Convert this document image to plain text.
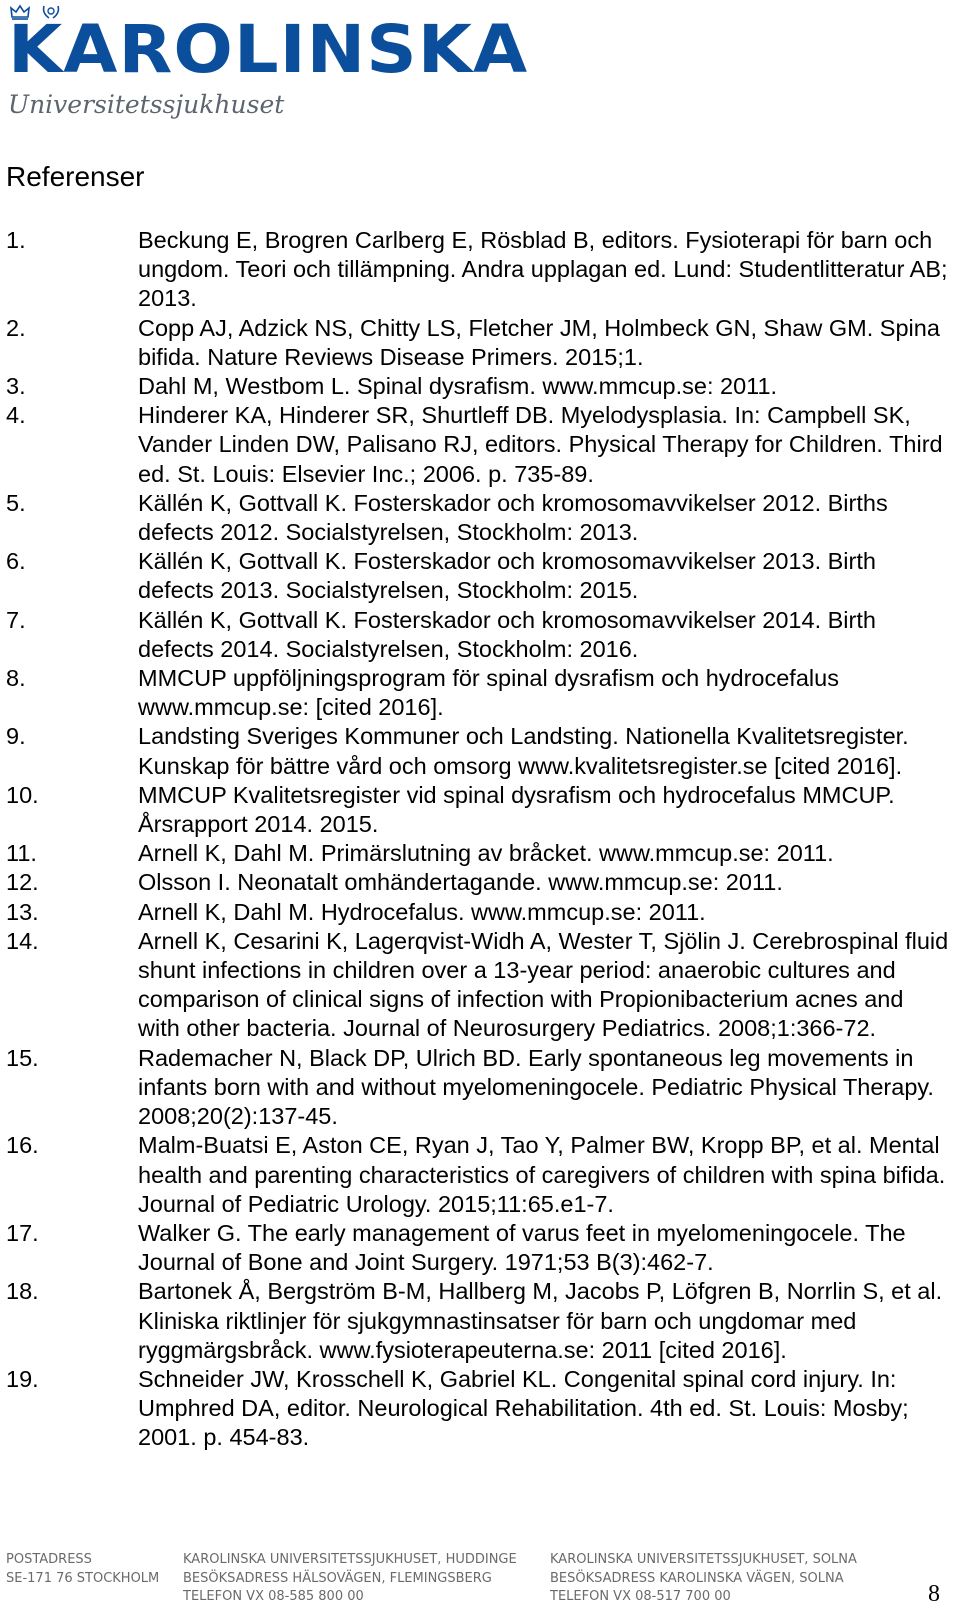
KAROLINSKA
Universitetssjukhuset
Referenser
1.	Beckung E, Brogren Carlberg E, Rösblad B, editors. Fysioterapi för barn och ungdom. Teori och tillämpning. Andra upplagan ed. Lund: Studentlitteratur AB; 2013.
2.	Copp AJ, Adzick NS, Chitty LS, Fletcher JM, Holmbeck GN, Shaw GM. Spina bifida. Nature Reviews Disease Primers. 2015;1.
3.	Dahl M, Westbom L. Spinal dysrafism. www.mmcup.se: 2011.
4.	Hinderer KA, Hinderer SR, Shurtleff DB. Myelodysplasia. In: Campbell SK, Vander Linden DW, Palisano RJ, editors. Physical Therapy for Children. Third ed. St. Louis: Elsevier Inc.; 2006. p. 735-89.
5.	Källén K, Gottvall K. Fosterskador och kromosomavvikelser 2012. Births defects 2012. Socialstyrelsen, Stockholm: 2013.
6.	Källén K, Gottvall K. Fosterskador och kromosomavvikelser 2013. Birth defects 2013. Socialstyrelsen, Stockholm: 2015.
7.	Källén K, Gottvall K. Fosterskador och kromosomavvikelser 2014. Birth defects 2014. Socialstyrelsen, Stockholm: 2016.
8.	MMCUP uppföljningsprogram för spinal dysrafism och hydrocefalus www.mmcup.se: [cited 2016].
9.	Landsting Sveriges Kommuner och Landsting. Nationella Kvalitetsregister. Kunskap för bättre vård och omsorg www.kvalitetsregister.se [cited 2016].
10.	MMCUP Kvalitetsregister vid spinal dysrafism och hydrocefalus MMCUP. Årsrapport 2014. 2015.
11.	Arnell K, Dahl M. Primärslutning av bråcket. www.mmcup.se: 2011.
12.	Olsson I. Neonatalt omhändertagande. www.mmcup.se: 2011.
13.	Arnell K, Dahl M. Hydrocefalus. www.mmcup.se: 2011.
14.	Arnell K, Cesarini K, Lagerqvist-Widh A, Wester T, Sjölin J. Cerebrospinal fluid shunt infections in children over a 13-year period: anaerobic cultures and comparison of clinical signs of infection with Propionibacterium acnes and with other bacteria. Journal of Neurosurgery Pediatrics. 2008;1:366-72.
15.	Rademacher N, Black DP, Ulrich BD. Early spontaneous leg movements in infants born with and without myelomeningocele. Pediatric Physical Therapy. 2008;20(2):137-45.
16.	Malm-Buatsi E, Aston CE, Ryan J, Tao Y, Palmer BW, Kropp BP, et al. Mental health and parenting characteristics of caregivers of children with spina bifida. Journal of Pediatric Urology. 2015;11:65.e1-7.
17.	Walker G. The early management of varus feet in myelomeningocele. The Journal of Bone and Joint Surgery. 1971;53 B(3):462-7.
18.	Bartonek Å, Bergström B-M, Hallberg M, Jacobs P, Löfgren B, Norrlin S, et al. Kliniska riktlinjer för sjukgymnastinsatser för barn och ungdomar med ryggmärgsbråck. www.fysioterapeuterna.se: 2011 [cited 2016].
19.	Schneider JW, Krosschell K, Gabriel KL. Congenital spinal cord injury. In: Umphred DA, editor. Neurological Rehabilitation. 4th ed. St. Louis: Mosby; 2001. p. 454-83.
POSTADRESS
SE-171 76 STOCKHOLM
KAROLINSKA UNIVERSITETSSJUKHUSET, HUDDINGE
BESÖKSADRESS HÄLSOVÄGEN, FLEMINGSBERG
TELEFON VX 08-585 800 00
KAROLINSKA UNIVERSITETSSJUKHUSET, SOLNA
BESÖKSADRESS KAROLINSKA VÄGEN, SOLNA
TELEFON VX 08-517 700 00	8
